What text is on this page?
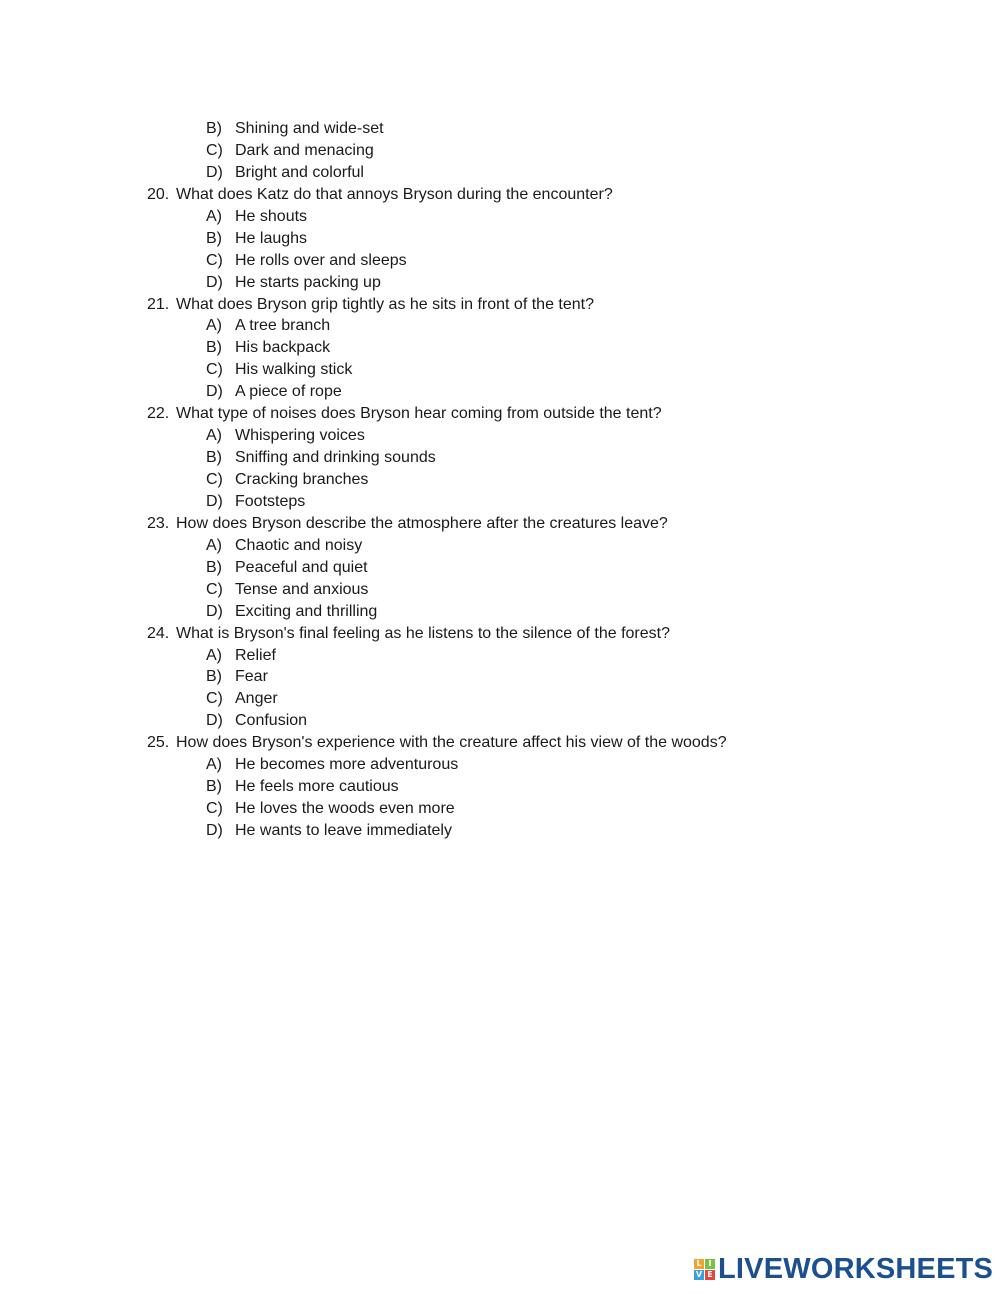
B) Shining and wide-set
C) Dark and menacing
D) Bright and colorful
20. What does Katz do that annoys Bryson during the encounter?
A) He shouts
B) He laughs
C) He rolls over and sleeps
D) He starts packing up
21. What does Bryson grip tightly as he sits in front of the tent?
A) A tree branch
B) His backpack
C) His walking stick
D) A piece of rope
22. What type of noises does Bryson hear coming from outside the tent?
A) Whispering voices
B) Sniffing and drinking sounds
C) Cracking branches
D) Footsteps
23. How does Bryson describe the atmosphere after the creatures leave?
A) Chaotic and noisy
B) Peaceful and quiet
C) Tense and anxious
D) Exciting and thrilling
24. What is Bryson's final feeling as he listens to the silence of the forest?
A) Relief
B) Fear
C) Anger
D) Confusion
25. How does Bryson's experience with the creature affect his view of the woods?
A) He becomes more adventurous
B) He feels more cautious
C) He loves the woods even more
D) He wants to leave immediately
L I
V E LIVEWORKSHEETS
